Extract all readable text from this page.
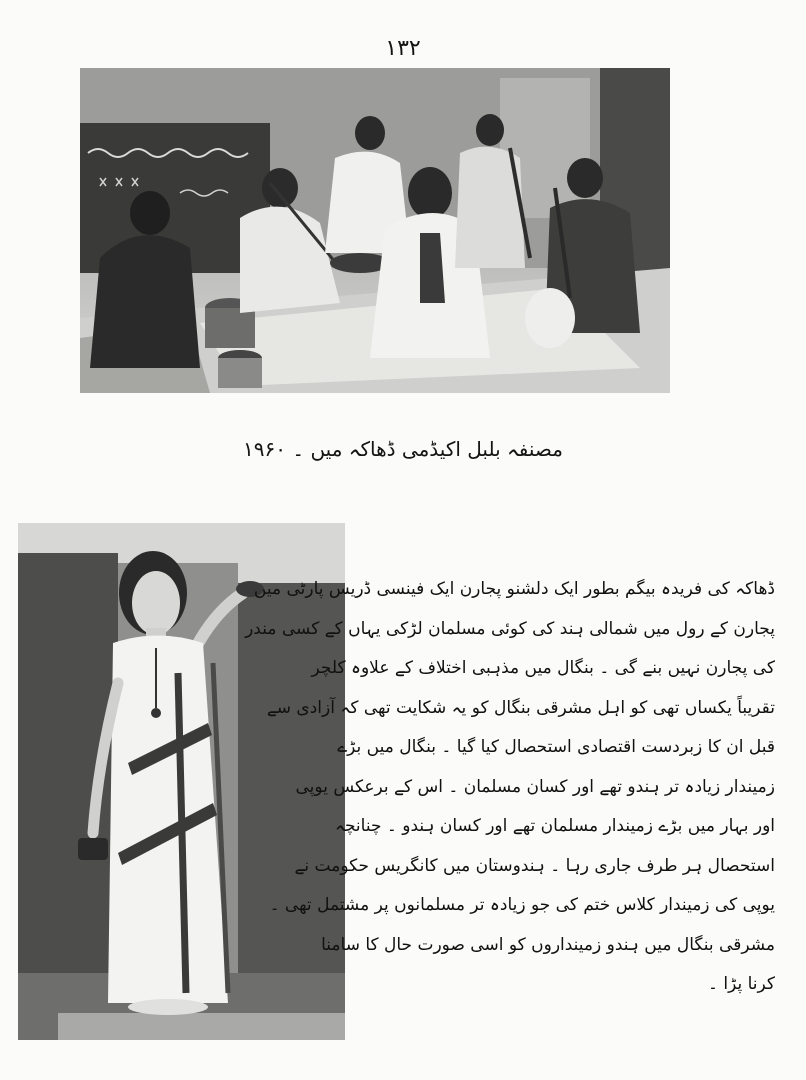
۱۳۲
مصنفہ بلبل اکیڈمی ڈھاکہ میں ۔ ۱۹۶۰
ڈھاکہ کی فریدہ بیگم بطور ایک دلشنو پجارن ایک فینسی ڈریس پارٹی میں
پجارن کے رول میں شمالی ہند کی کوئی مسلمان لڑکی یہاں کے کسی مندر
کی پجارن نہیں بنے گی ۔ بنگال میں مذہبی اختلاف کے علاوہ کلچر
تقریباً یکساں تھی کو اہل مشرقی بنگال کو یہ شکایت تھی کہ آزادی سے
قبل ان کا زبردست اقتصادی استحصال کیا گیا ۔ بنگال میں بڑے
زمیندار زیادہ تر ہندو تھے اور کسان مسلمان ۔ اس کے برعکس یوپی
اور بہار میں بڑے زمیندار مسلمان تھے اور کسان ہندو ۔ چنانچہ
استحصال ہر طرف جاری رہا ۔ ہندوستان میں کانگریس حکومت نے
یوپی کی زمیندار کلاس ختم کی جو زیادہ تر مسلمانوں پر مشتمل تھی ۔
مشرقی بنگال میں ہندو زمینداروں کو اسی صورت حال کا سامنا
کرنا پڑا ۔
